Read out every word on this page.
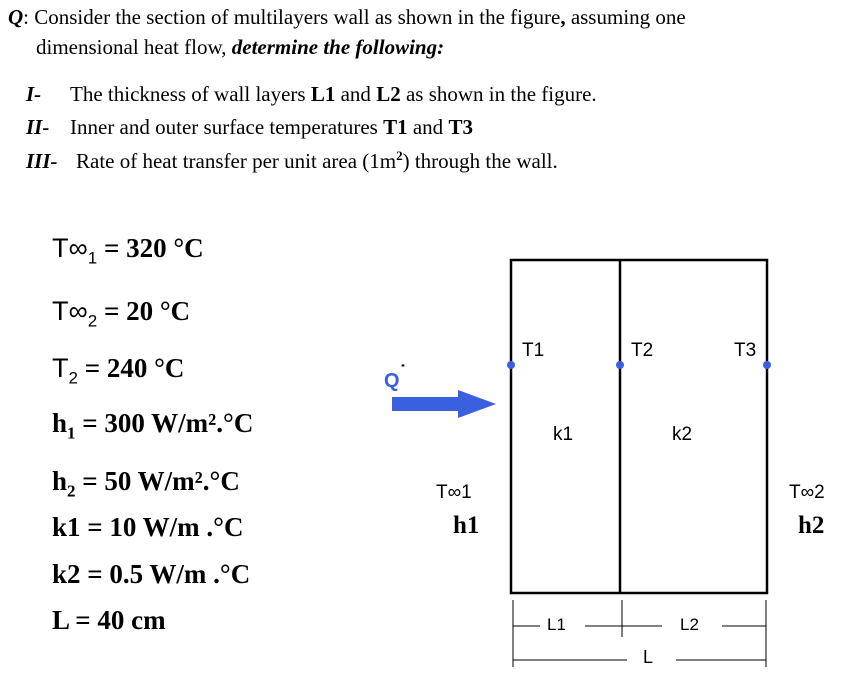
Q: Consider the section of multilayers wall as shown in the figure, assuming one
dimensional heat flow, determine the following:
I- The thickness of wall layers L1 and L2 as shown in the figure.
II- Inner and outer surface temperatures T1 and T3
III- Rate of heat transfer per unit area $(1m^2)$ through the wall.
$T\infty_1 = 320$ °C
$T\infty_2 = 20$ °C
$T_2 = 240$ °C
$h_1 = 300$ W/m².°C
$h_2 = 50$ W/m².°C
k1 = 10 W/m .°C
k2 = 0.5 W/m .°C
L = 40 cm
Q˙
T1	T2	T3
k1	k2
T∞1
h1
T∞2
h2
L1	L2
L
